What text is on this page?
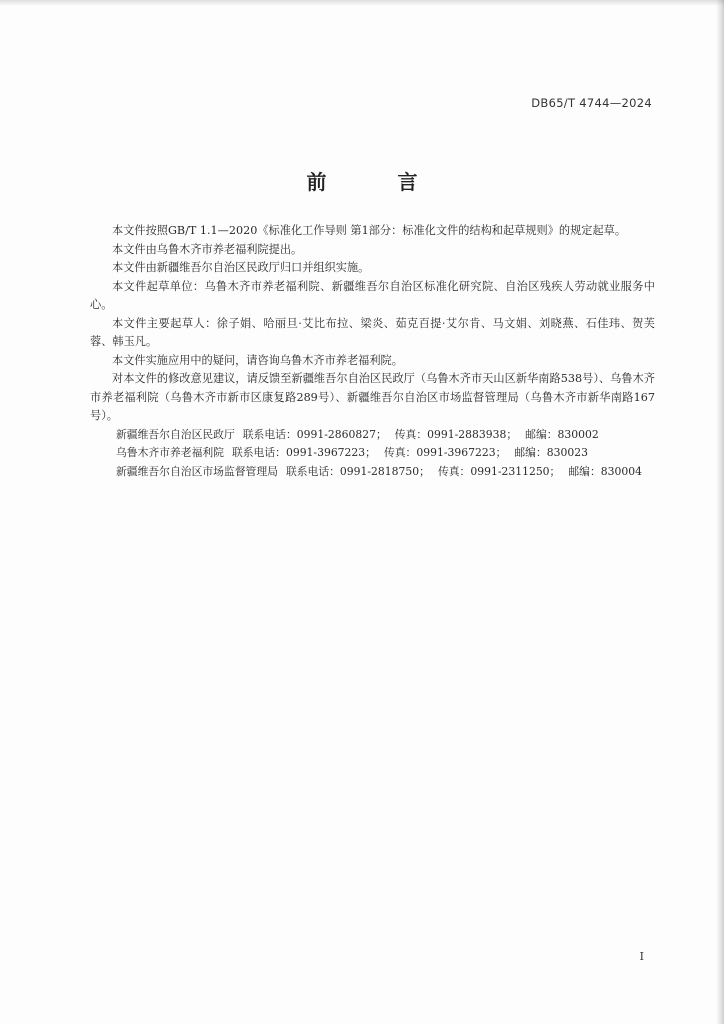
DB65/T 4744—2024
前 言

本文件按照GB/T 1.1—2020《标准化工作导则 第1部分：标准化文件的结构和起草规则》的规定起草。

本文件由乌鲁木齐市养老福利院提出。

本文件由新疆维吾尔自治区民政厅归口并组织实施。

本文件起草单位：乌鲁木齐市养老福利院、新疆维吾尔自治区标准化研究院、自治区残疾人劳动就业服务中心。

本文件主要起草人：徐子娟、哈丽旦·艾比布拉、梁炎、茹克百提·艾尔肯、马文娟、刘晓燕、石佳玮、贺芙蓉、韩玉凡。

本文件实施应用中的疑问，请咨询乌鲁木齐市养老福利院。

对本文件的修改意见建议，请反馈至新疆维吾尔自治区民政厅（乌鲁木齐市天山区新华南路538号）、乌鲁木齐市养老福利院（乌鲁木齐市新市区康复路289号）、新疆维吾尔自治区市场监督管理局（乌鲁木齐市新华南路167号）。

新疆维吾尔自治区民政厅 联系电话：0991-2860827； 传真：0991-2883938； 邮编：830002

乌鲁木齐市养老福利院 联系电话：0991-3967223； 传真：0991-3967223； 邮编：830023

新疆维吾尔自治区市场监督管理局 联系电话：0991-2818750； 传真：0991-2311250； 邮编：830004

I
